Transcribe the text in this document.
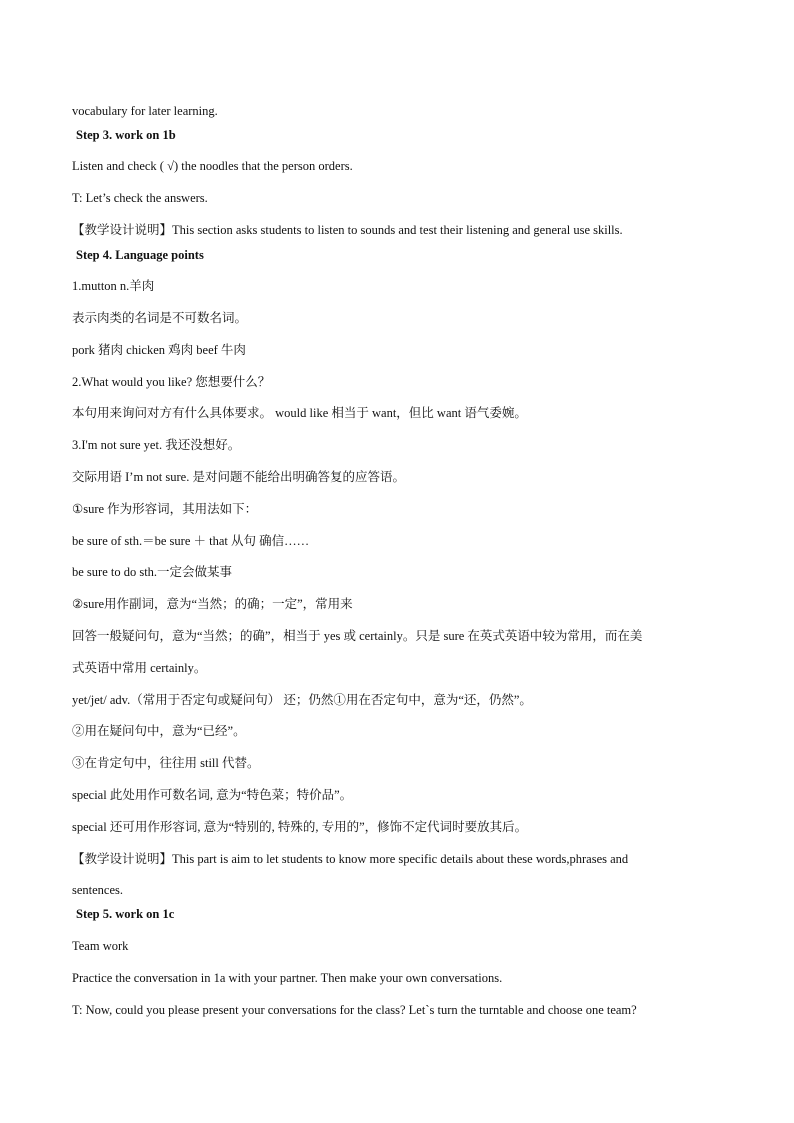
vocabulary for later learning.
Step 3. work on 1b
Listen and check ( √) the noodles that the person orders.
T: Let’s check the answers.
【教学设计说明】This section asks students to listen to sounds and test their listening and general use skills.
Step 4. Language points
1.mutton n.羊肉
表示肉类的名词是不可数名词。
pork 猪肉 chicken 鸡肉 beef 牛肉
2.What would you like? 您想要什么？
本句用来询问对方有什么具体要求。 would like 相当于 want，但比 want 语气委婉。
3.I'm not sure yet. 我还没想好。
交际用语 I’m not sure. 是对问题不能给出明确答复的应答语。
①sure 作为形容词，其用法如下：
be sure of sth.＝be sure ＋ that 从句 确信……
be sure to do sth.一定会做某事
②sure用作副词，意为“当然；的确；一定”，常用来
回答一般疑问句，意为“当然；的确”，相当于 yes 或 certainly。只是 sure 在英式英语中较为常用，而在美
式英语中常用 certainly。
yet/jet/ adv.（常用于否定句或疑问句） 还；仍然①用在否定句中，意为“还，仍然”。
②用在疑问句中，意为“已经”。
③在肯定句中，往往用 still 代替。
special 此处用作可数名词, 意为“特色菜；特价品”。
special 还可用作形容词, 意为“特别的, 特殊的, 专用的”，修饰不定代词时要放其后。
【教学设计说明】This part is aim to let students to know more specific details about these words,phrases and
sentences.
Step 5. work on 1c
Team work
Practice the conversation in 1a with your partner. Then make your own conversations.
T: Now, could you please present your conversations for the class? Let`s turn the turntable and choose one team?
